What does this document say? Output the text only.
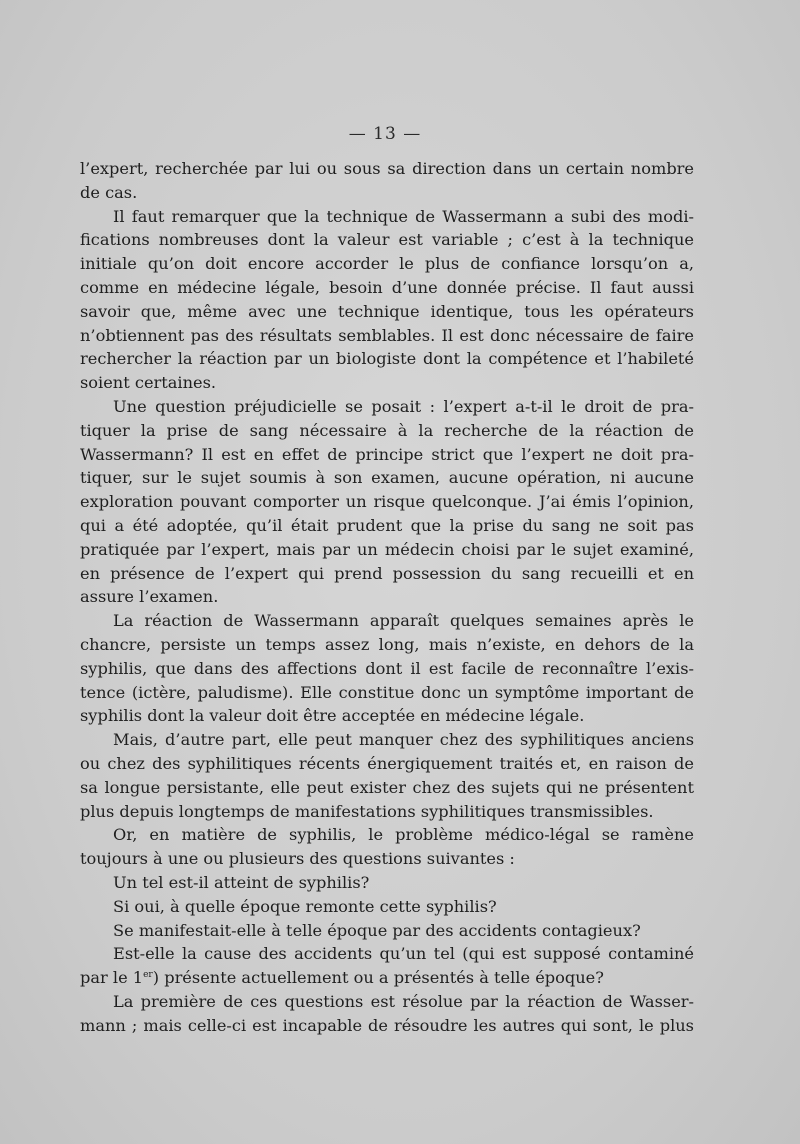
— 13 —
l’expert, recherchée par lui ou sous sa direction dans un certain nombre
de cas.
Il faut remarquer que la technique de Wassermann a subi des modi-
fications nombreuses dont la valeur est variable ; c’est à la technique
initiale qu’on doit encore accorder le plus de confiance lorsqu’on a,
comme en médecine légale, besoin d’une donnée précise. Il faut aussi
savoir que, même avec une technique identique, tous les opérateurs
n’obtiennent pas des résultats semblables. Il est donc nécessaire de faire
rechercher la réaction par un biologiste dont la compétence et l’habileté
soient certaines.
Une question préjudicielle se posait : l’expert a-t-il le droit de pra-
tiquer la prise de sang nécessaire à la recherche de la réaction de
Wassermann? Il est en effet de principe strict que l’expert ne doit pra-
tiquer, sur le sujet soumis à son examen, aucune opération, ni aucune
exploration pouvant comporter un risque quelconque. J’ai émis l’opinion,
qui a été adoptée, qu’il était prudent que la prise du sang ne soit pas
pratiquée par l’expert, mais par un médecin choisi par le sujet examiné,
en présence de l’expert qui prend possession du sang recueilli et en
assure l’examen.
La réaction de Wassermann apparaît quelques semaines après le
chancre, persiste un temps assez long, mais n’existe, en dehors de la
syphilis, que dans des affections dont il est facile de reconnaître l’exis-
tence (ictère, paludisme). Elle constitue donc un symptôme important de
syphilis dont la valeur doit être acceptée en médecine légale.
Mais, d’autre part, elle peut manquer chez des syphilitiques anciens
ou chez des syphilitiques récents énergiquement traités et, en raison de
sa longue persistante, elle peut exister chez des sujets qui ne présentent
plus depuis longtemps de manifestations syphilitiques transmissibles.
Or, en matière de syphilis, le problème médico-légal se ramène
toujours à une ou plusieurs des questions suivantes :
Un tel est-il atteint de syphilis?
Si oui, à quelle époque remonte cette syphilis?
Se manifestait-elle à telle époque par des accidents contagieux?
Est-elle la cause des accidents qu’un tel (qui est supposé contaminé
par le 1er) présente actuellement ou a présentés à telle époque?
La première de ces questions est résolue par la réaction de Wasser-
mann ; mais celle-ci est incapable de résoudre les autres qui sont, le plus
